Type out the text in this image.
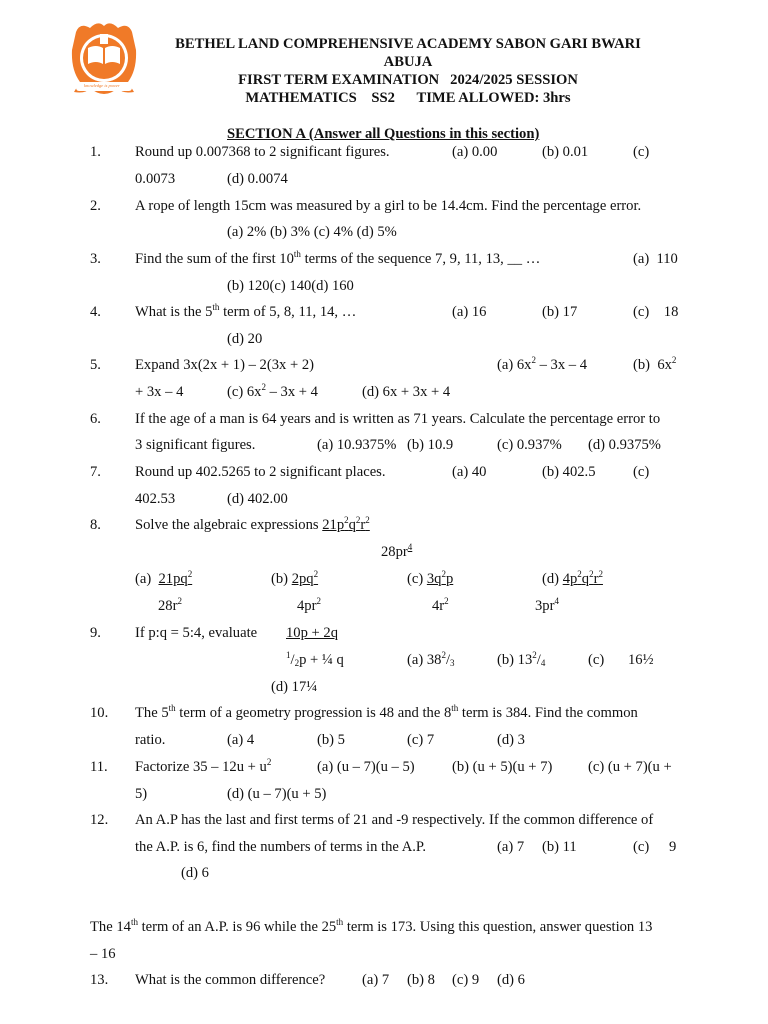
knowledge is power
BETHEL LAND COMPREHENSIVE ACADEMY SABON GARI BWARI
ABUJA
FIRST TERM EXAMINATION   2024/2025 SESSION
MATHEMATICS    SS2      TIME ALLOWED: 3hrs
SECTION A (Answer all Questions in this section)
1. Round up 0.007368 to 2 significant figures.	(a) 0.00	(b) 0.01	(c)
0.0073	(d) 0.0074
2. A rope of length 15cm was measured by a girl to be 14.4cm. Find the percentage error.
(a) 2% (b) 3% (c) 4% (d) 5%
3. Find the sum of the first 10th terms of the sequence 7, 9, 11, 13, __ …	(a)  110
(b) 120(c) 140(d) 160
4. What is the 5th term of 5, 8, 11, 14, …	(a) 16	(b) 17	(c)    18
(d) 20
5. Expand 3x(2x + 1) – 2(3x + 2)	(a) $6x^2 - 3x - 4$	(b)  $6x^2$
+ 3x – 4	(c) $6x^2 - 3x + 4$	(d) 6x + 3x + 4
6. If the age of a man is 64 years and is written as 71 years. Calculate the percentage error to
3 significant figures.	(a) 10.9375% (b) 10.9	(c) 0.937% (d) 0.9375%
7. Round up 402.5265 to 2 significant places.	(a) 40	(b) 402.5	(c)
402.53	(d) 402.00
8. Solve the algebraic expressions $21p^2q^2r^2$
$28pr^4$
(a) $21pq^2$
$28r^2$
(b) $2pq^2$
$4pr^2$
(c) $3q^2p$
$4r^2$
(d) $4p^2q^2r^2$
$3pr^4$
9. If p:q = 5:4, evaluate 10p + 2q
$^1/_2p$ + ¼ q	(a) $38^2/_3$	(b) $13^2/_4$	(c) 16½
(d) 17¼
10. The 5th term of a geometry progression is 48 and the 8th term is 384. Find the common
ratio.	(a) 4	(b) 5	(c) 7	(d) 3
11. Factorize $35 - 12u + u^2$	(a) (u – 7)(u – 5)	(b) (u + 5)(u + 7) (c) (u + 7)(u +
5)	(d) (u – 7)(u + 5)
12. An A.P has the last and first terms of 21 and -9 respectively. If the common difference of
the A.P. is 6, find the numbers of terms in the A.P.	(a) 7 (b) 11	(c) 9
(d) 6
The 14th term of an A.P. is 96 while the 25th term is 173. Using this question, answer question 13
– 16
13. What is the common difference?	(a) 7 (b) 8 (c) 9 (d) 6
